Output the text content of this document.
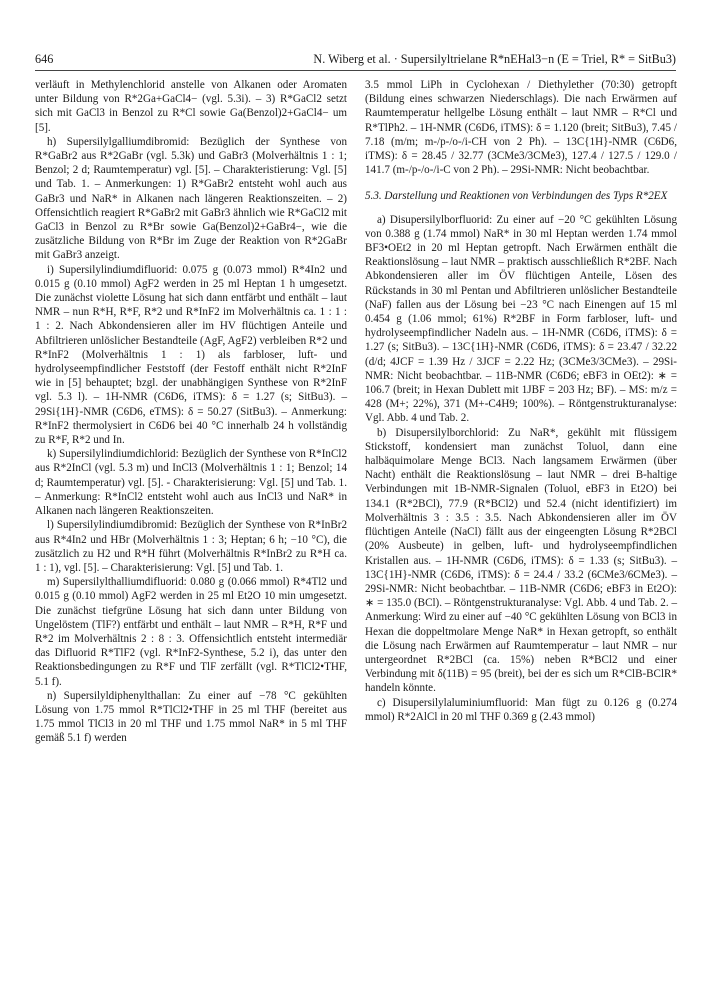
646	N. Wiberg et al. · Supersilyltrielane R*nEHal3−n (E = Triel, R* = SitBu3)

verläuft in Methylenchlorid anstelle von Alkanen oder Aromaten unter Bildung von R*2Ga+GaCl4− (vgl. 5.3i). – 3) R*GaCl2 setzt sich mit GaCl3 in Benzol zu R*Cl sowie Ga(Benzol)2+GaCl4− um [5].

h) Supersilylgalliumdibromid: Bezüglich der Synthese von R*GaBr2 aus R*2GaBr (vgl. 5.3k) und GaBr3 (Molverhältnis 1 : 1; Benzol; 2 d; Raumtemperatur) vgl. [5]. – Charakteristierung: Vgl. [5] und Tab. 1. – Anmerkungen: 1) R*GaBr2 entsteht wohl auch aus GaBr3 und NaR* in Alkanen nach längeren Reaktionszeiten. – 2) Offensichtlich reagiert R*GaBr2 mit GaBr3 ähnlich wie R*GaCl2 mit GaCl3 in Benzol zu R*Br sowie Ga(Benzol)2+GaBr4−, wie die zusätzliche Bildung von R*Br im Zuge der Reaktion von R*2GaBr mit GaBr3 anzeigt.

i) Supersilylindiumdifluorid: 0.075 g (0.073 mmol) R*4In2 und 0.015 g (0.10 mmol) AgF2 werden in 25 ml Heptan 1 h umgesetzt. Die zunächst violette Lösung hat sich dann entfärbt und enthält – laut NMR – nun R*H, R*F, R*2 und R*InF2 im Molverhältnis ca. 1 : 1 : 1 : 2. Nach Abkondensieren aller im HV flüchtigen Anteile und Abfiltrieren unlöslicher Bestandteile (AgF, AgF2) verbleiben R*2 und R*InF2 (Molverhältnis 1 : 1) als farbloser, luft- und hydrolyseempfindlicher Feststoff (der Festoff enthält nicht R*2InF wie in [5] behauptet; bzgl. der unabhängigen Synthese von R*2InF vgl. 5.3 l). – 1H-NMR (C6D6, iTMS): δ = 1.27 (s; SitBu3). – 29Si{1H}-NMR (C6D6, eTMS): δ = 50.27 (SitBu3). – Anmerkung: R*InF2 thermolysiert in C6D6 bei 40 °C innerhalb 24 h vollständig zu R*F, R*2 und In.

k) Supersilylindiumdichlorid: Bezüglich der Synthese von R*InCl2 aus R*2InCl (vgl. 5.3 m) und InCl3 (Molverhältnis 1 : 1; Benzol; 14 d; Raumtemperatur) vgl. [5]. - Charakterisierung: Vgl. [5] und Tab. 1. – Anmerkung: R*InCl2 entsteht wohl auch aus InCl3 und NaR* in Alkanen nach längeren Reaktionszeiten.

l) Supersilylindiumdibromid: Bezüglich der Synthese von R*InBr2 aus R*4In2 und HBr (Molverhältnis 1 : 3; Heptan; 6 h; −10 °C), die zusätzlich zu H2 und R*H führt (Molverhältnis R*InBr2 zu R*H ca. 1 : 1), vgl. [5]. – Charakterisierung: Vgl. [5] und Tab. 1.

m) Supersilylthalliumdifluorid: 0.080 g (0.066 mmol) R*4Tl2 und 0.015 g (0.10 mmol) AgF2 werden in 25 ml Et2O 10 min umgesetzt. Die zunächst tiefgrüne Lösung hat sich dann unter Bildung von Ungelöstem (TlF?) entfärbt und enthält – laut NMR – R*H, R*F und R*2 im Molverhältnis 2 : 8 : 3. Offensichtlich entsteht intermediär das Difluorid R*TlF2 (vgl. R*InF2-Synthese, 5.2 i), das unter den Reaktionsbedingungen zu R*F und TlF zerfällt (vgl. R*TlCl2•THF, 5.1 f).

n) Supersilyldiphenylthallan: Zu einer auf −78 °C gekühlten Lösung von 1.75 mmol R*TlCl2•THF in 25 ml THF (bereitet aus 1.75 mmol TlCl3 in 20 ml THF und 1.75 mmol NaR* in 5 ml THF gemäß 5.1 f) werden

3.5 mmol LiPh in Cyclohexan / Diethylether (70:30) getropft (Bildung eines schwarzen Niederschlags). Die nach Erwärmen auf Raumtemperatur hellgelbe Lösung enthält – laut NMR – R*Cl und R*TlPh2. – 1H-NMR (C6D6, iTMS): δ = 1.120 (breit; SitBu3), 7.45 / 7.18 (m/m; m-/p-/o-/i-CH von 2 Ph). – 13C{1H}-NMR (C6D6, iTMS): δ = 28.45 / 32.77 (3CMe3/3CMe3), 127.4 / 127.5 / 129.0 / 141.7 (m-/p-/o-/i-C von 2 Ph). – 29Si-NMR: Nicht beobachtbar.

5.3. Darstellung und Reaktionen von Verbindungen des Typs R*2EX

a) Disupersilylborfluorid: Zu einer auf −20 °C gekühlten Lösung von 0.388 g (1.74 mmol) NaR* in 30 ml Heptan werden 1.74 mmol BF3•OEt2 in 20 ml Heptan getropft. Nach Erwärmen enthält die Reaktionslösung – laut NMR – praktisch ausschließlich R*2BF. Nach Abkondensieren aller im ÖV flüchtigen Anteile, Lösen des Rückstands in 30 ml Pentan und Abfiltrieren unlöslicher Bestandteile (NaF) fallen aus der Lösung bei −23 °C nach Einengen auf 15 ml 0.454 g (1.06 mmol; 61%) R*2BF in Form farbloser, luft- und hydrolyseempfindlicher Nadeln aus. – 1H-NMR (C6D6, iTMS): δ = 1.27 (s; SitBu3). – 13C{1H}-NMR (C6D6, iTMS): δ = 23.47 / 32.22 (d/d; 4JCF = 1.39 Hz / 3JCF = 2.22 Hz; (3CMe3/3CMe3). – 29Si-NMR: Nicht beobachtbar. – 11B-NMR (C6D6; eBF3 in OEt2): ∗ = 106.7 (breit; in Hexan Dublett mit 1JBF = 203 Hz; BF). – MS: m/z = 428 (M+; 22%), 371 (M+-C4H9; 100%). – Röntgenstrukturanalyse: Vgl. Abb. 4 und Tab. 2.

b) Disupersilylborchlorid: Zu NaR*, gekühlt mit flüssigem Stickstoff, kondensiert man zunächst Toluol, dann eine halbäquimolare Menge BCl3. Nach langsamem Erwärmen (über Nacht) enthält die Reaktionslösung – laut NMR – drei B-haltige Verbindungen mit 1B-NMR-Signalen (Toluol, eBF3 in Et2O) bei 134.1 (R*2BCl), 77.9 (R*BCl2) und 52.4 (nicht identifiziert) im Molverhältnis 3 : 3.5 : 3.5. Nach Abkondensieren aller im ÖV flüchtigen Anteile (NaCl) fällt aus der eingeengten Lösung R*2BCl (20% Ausbeute) in gelben, luft- und hydrolyseempfindlichen Kristallen aus. – 1H-NMR (C6D6, iTMS): δ = 1.33 (s; SitBu3). – 13C{1H}-NMR (C6D6, iTMS): δ = 24.4 / 33.2 (6CMe3/6CMe3). – 29Si-NMR: Nicht beobachtbar. – 11B-NMR (C6D6; eBF3 in Et2O): ∗ = 135.0 (BCl). – Röntgenstrukturanalyse: Vgl. Abb. 4 und Tab. 2. – Anmerkung: Wird zu einer auf −40 °C gekühlten Lösung von BCl3 in Hexan die doppeltmolare Menge NaR* in Hexan getropft, so enthält die Lösung nach Erwärmen auf Raumtemperatur – laut NMR – nur untergeordnet R*2BCl (ca. 15%) neben R*BCl2 und einer Verbindung mit δ(11B) = 95 (breit), bei der es sich um R*ClB-BClR* handeln könnte.

c) Disupersilylaluminiumfluorid: Man fügt zu 0.126 g (0.274 mmol) R*2AlCl in 20 ml THF 0.369 g (2.43 mmol)
